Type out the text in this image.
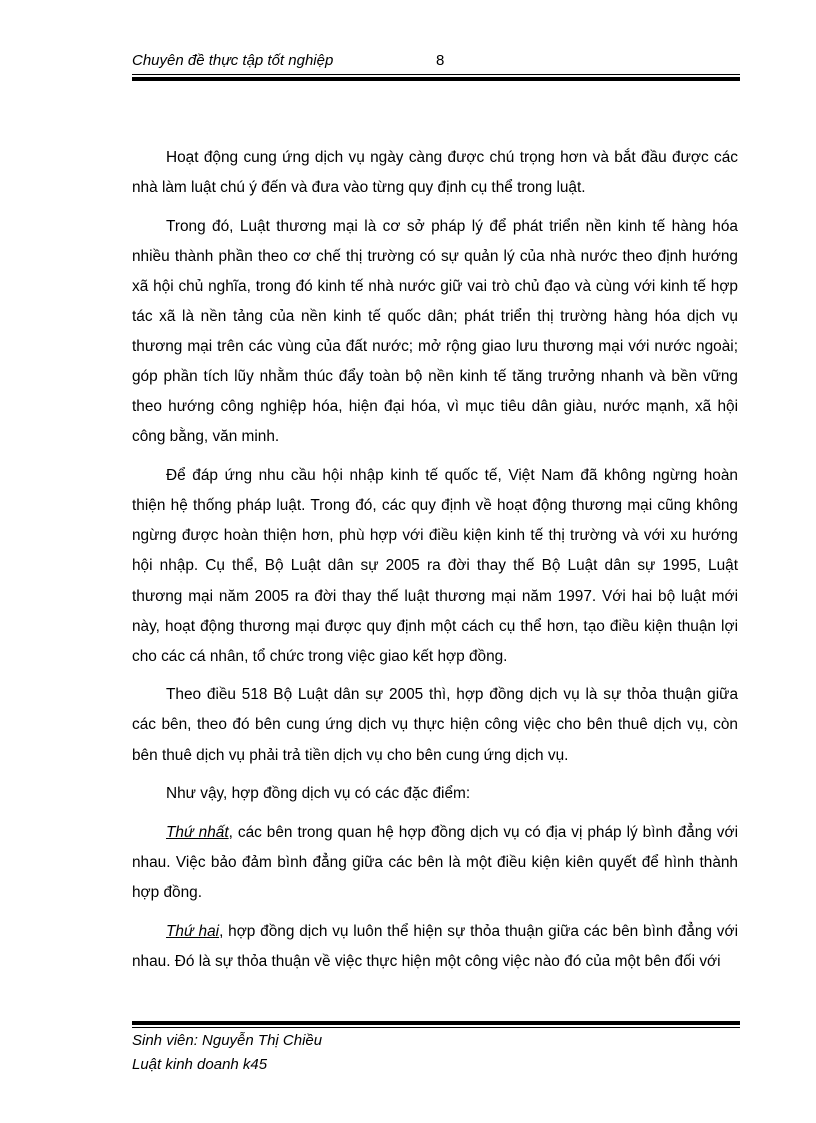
Chuyên đề thực tập tốt nghiệp	8

Hoạt động cung ứng dịch vụ ngày càng được chú trọng hơn và bắt đầu được các nhà làm luật chú ý đến và đưa vào từng quy định cụ thể trong luật.

Trong đó, Luật thương mại là cơ sở pháp lý để phát triển nền kinh tế hàng hóa nhiều thành phần theo cơ chế thị trường có sự quản lý của nhà nước theo định hướng xã hội chủ nghĩa, trong đó kinh tế nhà nước giữ vai trò chủ đạo và cùng với kinh tế hợp tác xã là nền tảng của nền kinh tế quốc dân; phát triển thị trường hàng hóa dịch vụ thương mại trên các vùng của đất nước; mở rộng giao lưu thương mại với nước ngoài; góp phần tích lũy nhằm thúc đẩy toàn bộ nền kinh tế tăng trưởng nhanh và bền vững theo hướng công nghiệp hóa, hiện đại hóa, vì mục tiêu dân giàu, nước mạnh, xã hội công bằng, văn minh.

Để đáp ứng nhu cầu hội nhập kinh tế quốc tế, Việt Nam đã không ngừng hoàn thiện hệ thống pháp luật. Trong đó, các quy định về hoạt động thương mại cũng không ngừng được hoàn thiện hơn, phù hợp với điều kiện kinh tế thị trường và với xu hướng hội nhập. Cụ thể, Bộ Luật dân sự 2005 ra đời thay thế Bộ Luật dân sự 1995, Luật thương mại năm 2005 ra đời thay thế luật thương mại năm 1997. Với hai bộ luật mới này, hoạt động thương mại được quy định một cách cụ thể hơn, tạo điều kiện thuận lợi cho các cá nhân, tổ chức trong việc giao kết hợp đồng.

Theo điều 518 Bộ Luật dân sự 2005 thì, hợp đồng dịch vụ là sự thỏa thuận giữa các bên, theo đó bên cung ứng dịch vụ thực hiện công việc cho bên thuê dịch vụ, còn bên thuê dịch vụ phải trả tiền dịch vụ cho bên cung ứng dịch vụ.

Như vậy, hợp đồng dịch vụ có các đặc điểm:

Thứ nhất, các bên trong quan hệ hợp đồng dịch vụ có địa vị pháp lý bình đẳng với nhau. Việc bảo đảm bình đẳng giữa các bên là một điều kiện kiên quyết để hình thành hợp đồng.

Thứ hai, hợp đồng dịch vụ luôn thể hiện sự thỏa thuận giữa các bên bình đẳng với nhau. Đó là sự thỏa thuận về việc thực hiện một công việc nào đó của một bên đối với

Sinh viên: Nguyễn Thị Chiều
Luật kinh doanh k45
